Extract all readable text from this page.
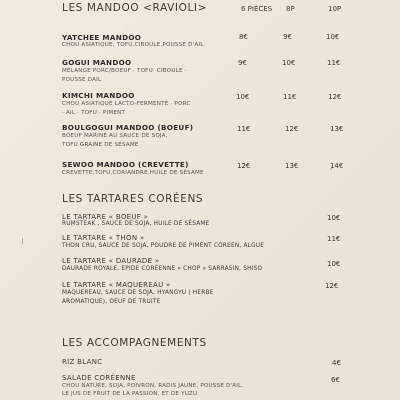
LES MANDOO <RAVIOLI>	6 PIÈCES 8P	10P
YATCHEE MANDOO
CHOU ASIATIQUE, TOFU,CIBOULE,POUSSE D'AIL
8€	9€	10€
GOGUI MANDOO
MÉLANGE PORC/BOEUF · TOFU· CIBOULE ·
POUSSE DAIL
9€	10€	11€
KIMCHI MANDOO
CHOU ASIATIQUE LACTO-FERMENTÉ · PORC
· AIL · TOFU · PIMENT
10€	11€	12€
BOULGOGUI MANDOO (BOEUF)
BOEUF MARINÉ AU SAUCE DE SOJA,
TOFU GRAINE DE SÉSAME
11€	12€	13€
SEWOO MANDOO (CREVETTE)
CREVETTE,TOFU,CORIANDRE,HUILE DE SÉSAME
12€	13€	14€
LES TARTARES CORÉENS
LE TARTARE « BOEUF »
RUMSTEAK , SAUCE DE SOJA, HUILE DE SÉSAME
10€
LE TARTARE « THON »
THON CRU, SAUCE DE SOJA, POUDRE DE PIMENT COREEN, ALGUE
11€
LE TARTARE « DAURADE »
DAURADE ROYALE, EPIDE CORÉENNE « CHOP » SARRASIN, SHISO
10€
LE TARTARE « MAQUEREAU »
MAQUEREAU, SAUCE DE SOJA, HYANGYU ( HERBE
AROMATIQUE), OEUF DE TRUITE
12€
LES ACCOMPAGNEMENTS
RIZ BLANC	4€
SALADE CORÉENNE
CHOU NATURE, SOJA, POIVRON, RADIS JAUNE, POUSSE D'AIL,
LE JUS DE FRUIT DE LA PASSION, ET DE YUZU
6€
